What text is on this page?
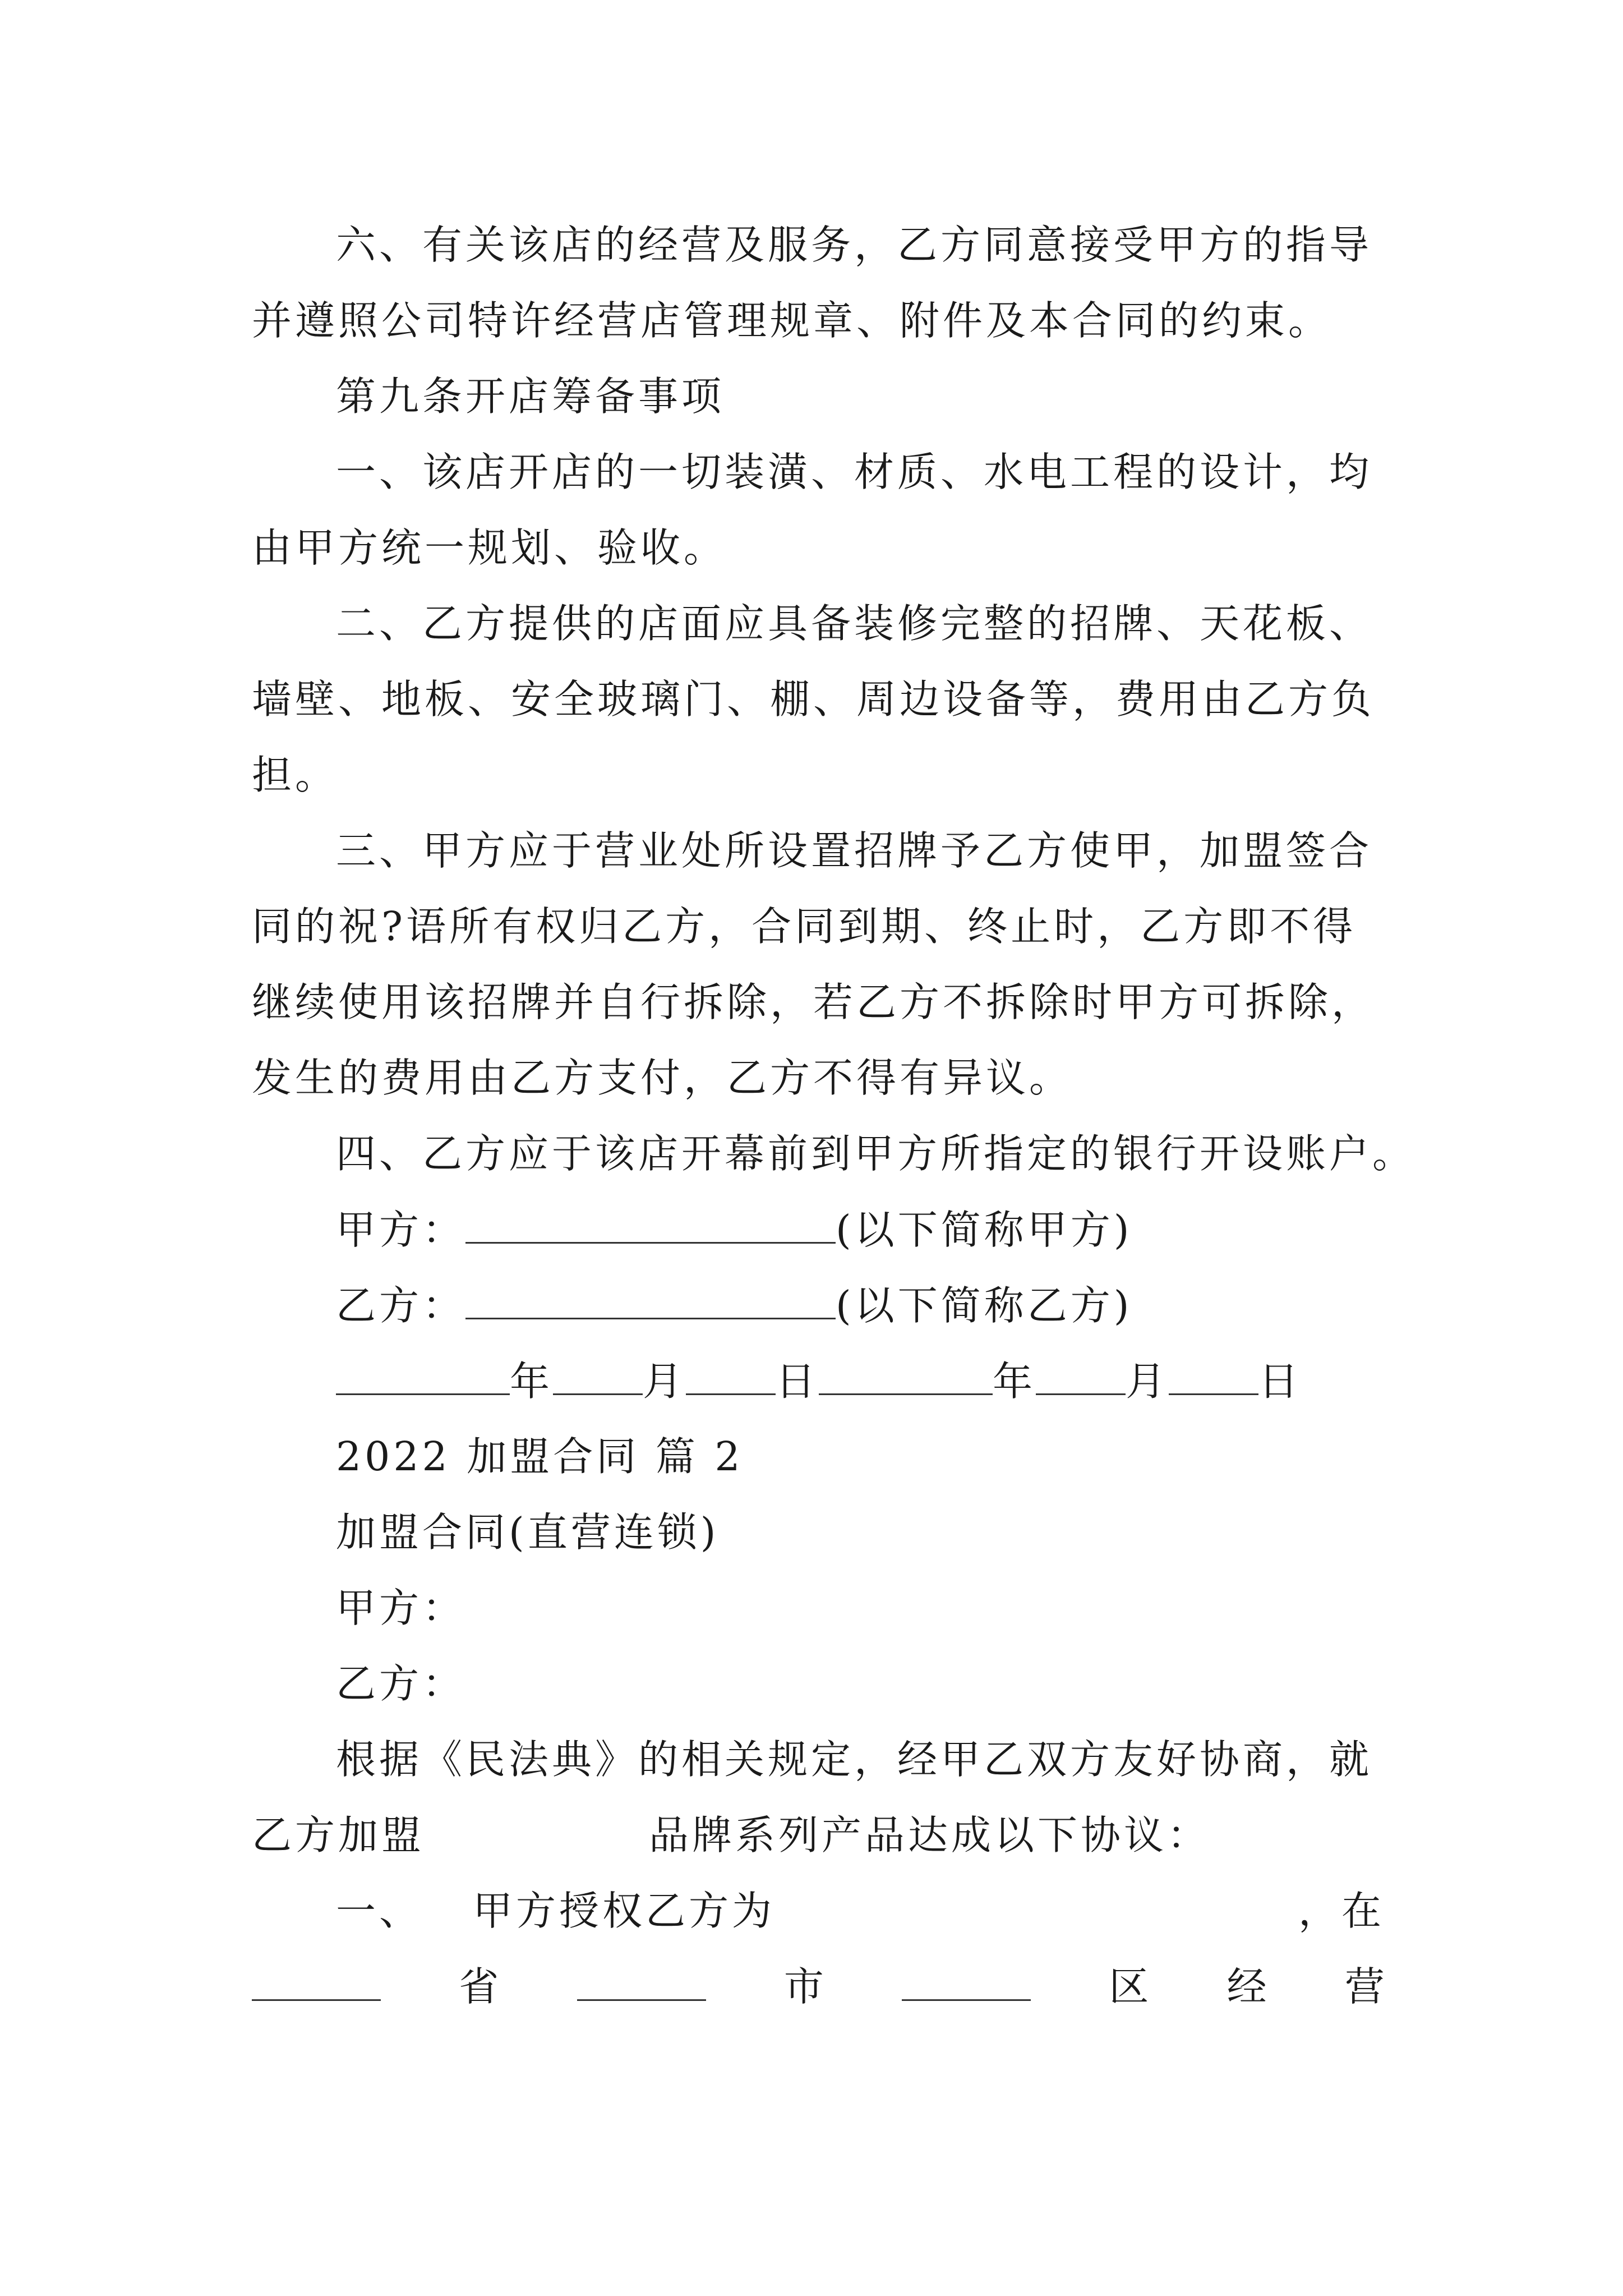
六、有关该店的经营及服务，乙方同意接受甲方的指导
并遵照公司特许经营店管理规章、附件及本合同的约束。
第九条开店筹备事项
一、该店开店的一切装潢、材质、水电工程的设计，均
由甲方统一规划、验收。
二、乙方提供的店面应具备装修完整的招牌、天花板、
墙壁、地板、安全玻璃门、棚、周边设备等，费用由乙方负
担。
三、甲方应于营业处所设置招牌予乙方使甲，加盟签合
同的祝?语所有权归乙方，合同到期、终止时，乙方即不得
继续使用该招牌并自行拆除，若乙方不拆除时甲方可拆除，
发生的费用由乙方支付，乙方不得有异议。
四、乙方应于该店开幕前到甲方所指定的银行开设账户。
甲方：	(以下简称甲方)
乙方：	(以下简称乙方)
年 月 日	年 月 日
2022 加盟合同 篇 2
加盟合同(直营连锁)
甲方：
乙方：
根据《民法典》的相关规定，经甲乙双方友好协商，就
乙方加盟	品牌系列产品达成以下协议：
一、 甲方授权乙方为	，在
省	市	区 经 营
